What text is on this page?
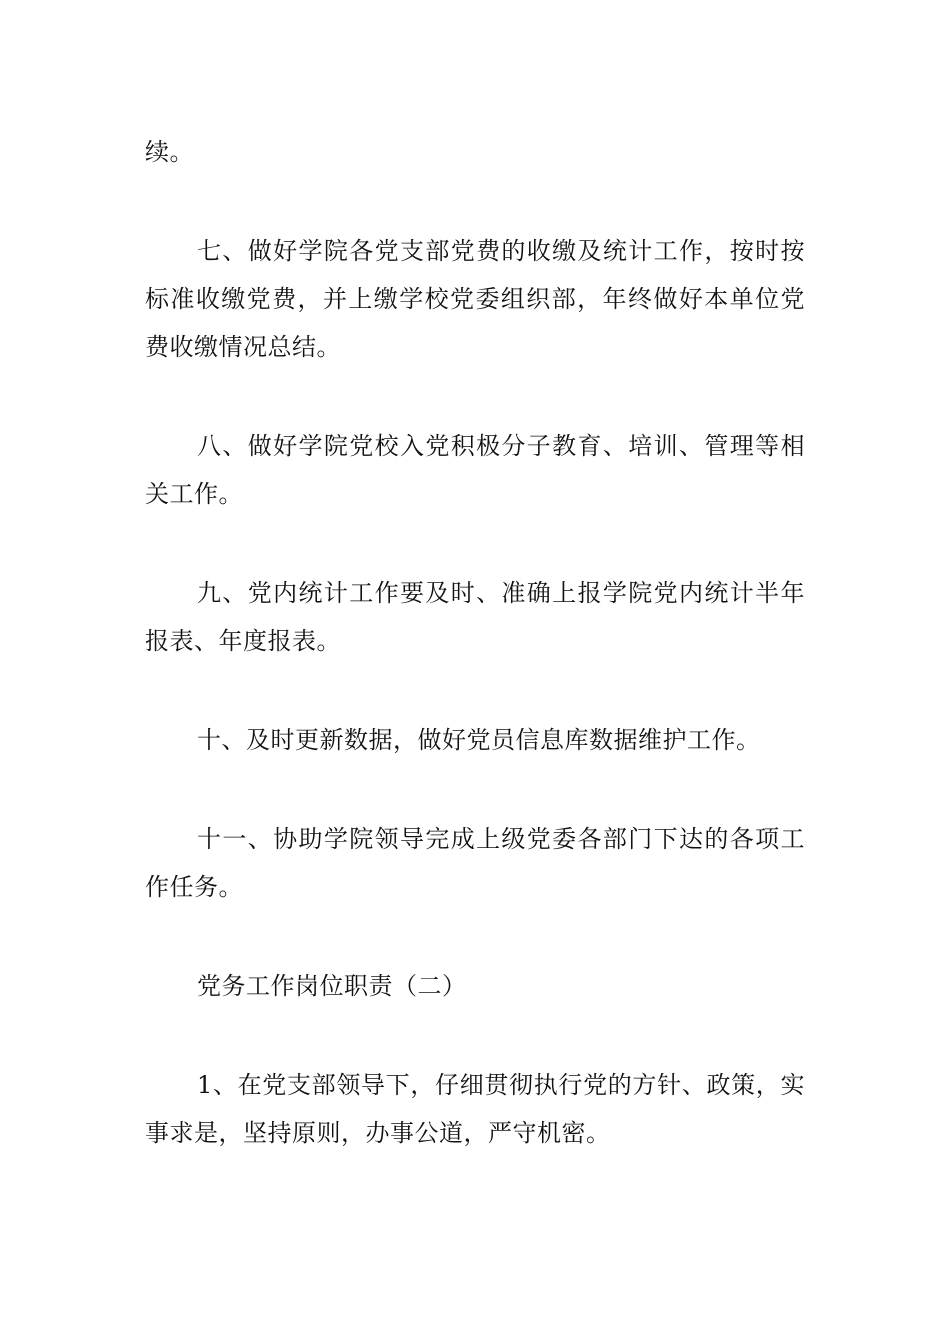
续。

七、做好学院各党支部党费的收缴及统计工作，按时按标准收缴党费，并上缴学校党委组织部，年终做好本单位党费收缴情况总结。

八、做好学院党校入党积极分子教育、培训、管理等相关工作。

九、党内统计工作要及时、准确上报学院党内统计半年报表、年度报表。

十、及时更新数据，做好党员信息库数据维护工作。

十一、协助学院领导完成上级党委各部门下达的各项工作任务。

党务工作岗位职责（二）

1、在党支部领导下，仔细贯彻执行党的方针、政策，实事求是，坚持原则，办事公道，严守机密。
